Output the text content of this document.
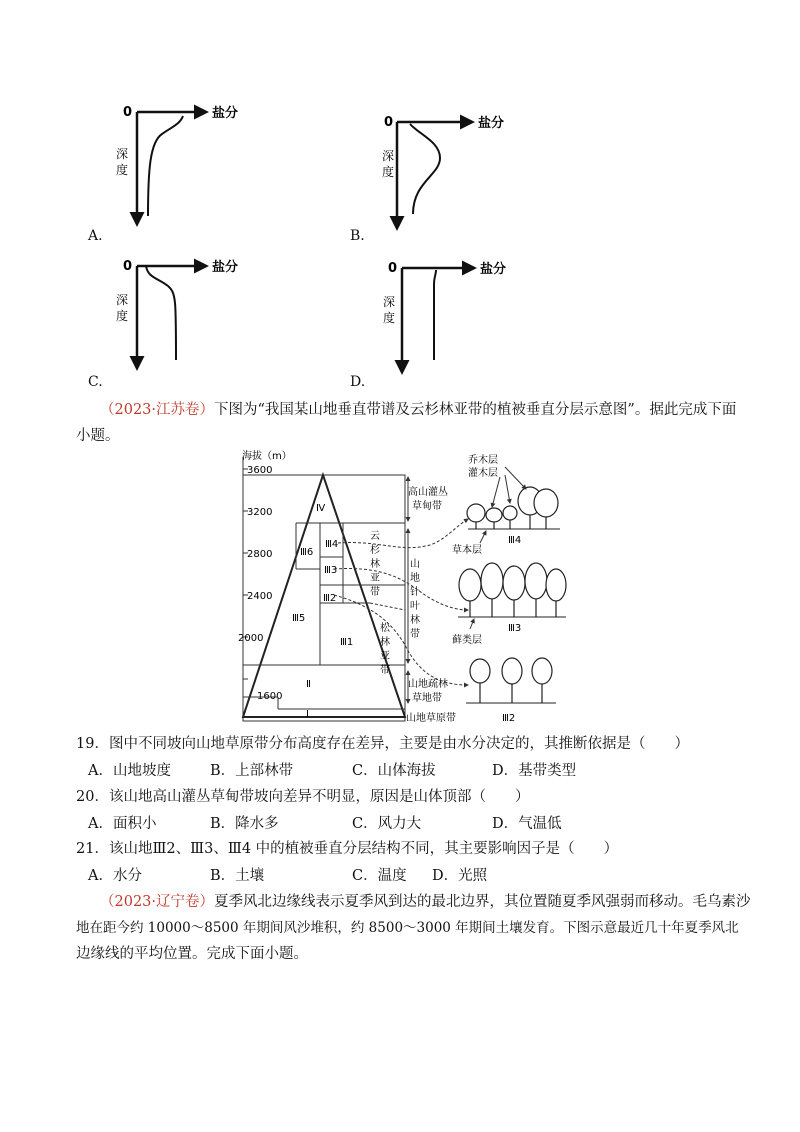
0	盐分
深
度
0	盐分
深
度
0	盐分
深
度
0	盐分
深
度
A.	B.
C.	D.
（2023·江苏卷）下图为“我国某山地垂直带谱及云杉林亚带的植被垂直分层示意图”。据此完成下面
小题。
海拔（m）
3600
3200
2800
2400
2000
1600
Ⅳ
Ⅲ6
Ⅲ4
Ⅲ3
Ⅲ2
Ⅲ5
Ⅲ1
Ⅱ
Ⅰ
云
杉
林
亚
带
松
林
亚
带
高山灌丛
草甸带
山
地
针
叶
林
带
山地疏林
草地带
山地草原带
乔木层
灌木层
草本层
Ⅲ4
藓类层
Ⅲ3
Ⅲ2
19．图中不同坡向山地草原带分布高度存在差异，主要是由水分决定的，其推断依据是（　　）
A．山地坡度	B．上部林带	C．山体海拔	D．基带类型
20．该山地高山灌丛草甸带坡向差异不明显，原因是山体顶部（　　）
A．面积小	B．降水多	C．风力大	D．气温低
21．该山地Ⅲ2、Ⅲ3、Ⅲ4 中的植被垂直分层结构不同，其主要影响因子是（　　）
A．水分	B．土壤	C．温度 D．光照
（2023·辽宁卷）夏季风北边缘线表示夏季风到达的最北边界，其位置随夏季风强弱而移动。毛乌素沙
地在距今约 10000～8500 年期间风沙堆积，约 8500～3000 年期间土壤发育。下图示意最近几十年夏季风北
边缘线的平均位置。完成下面小题。
